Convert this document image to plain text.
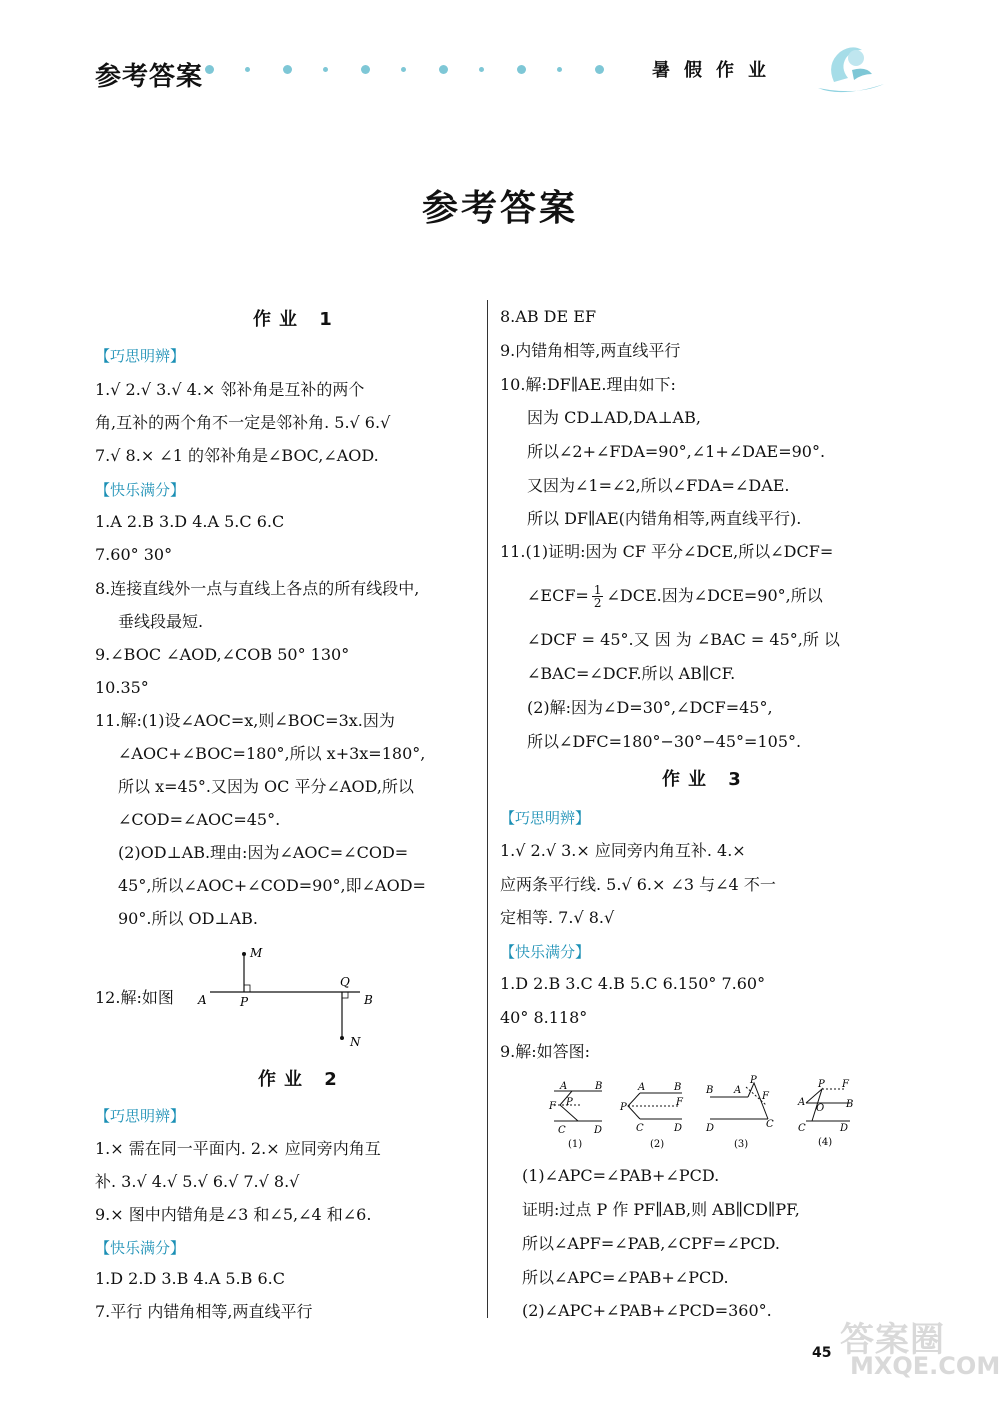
参考答案	暑假作业
参考答案
作业 1
【巧思明辨】
1.√ 2.√ 3.√ 4.× 邻补角是互补的两个
角,互补的两个角不一定是邻补角. 5.√ 6.√
7.√ 8.× ∠1 的邻补角是∠BOC,∠AOD.
【快乐满分】
1.A 2.B 3.D 4.A 5.C 6.C
7.60° 30°
8.连接直线外一点与直线上各点的所有线段中,
垂线段最短.
9.∠BOC ∠AOD,∠COB 50° 130°
10.35°
11.解:(1)设∠AOC=x,则∠BOC=3x.因为
∠AOC+∠BOC=180°,所以 x+3x=180°,
所以 x=45°.又因为 OC 平分∠AOD,所以
∠COD=∠AOC=45°.
(2)OD⊥AB.理由:因为∠AOC=∠COD=
45°,所以∠AOC+∠COD=90°,即∠AOD=
90°.所以 OD⊥AB.
12.解:如图 A	B
P
Q
M
N
作业 2
【巧思明辨】
1.× 需在同一平面内. 2.× 应同旁内角互
补. 3.√ 4.√ 5.√ 6.√ 7.√ 8.√
9.× 图中内错角是∠3 和∠5,∠4 和∠6.
【快乐满分】
1.D 2.D 3.B 4.A 5.B 6.C
7.平行 内错角相等,两直线平行
8.AB DE EF
9.内错角相等,两直线平行
10.解:DF∥AE.理由如下:
因为 CD⊥AD,DA⊥AB,
所以∠2+∠FDA=90°,∠1+∠DAE=90°.
又因为∠1=∠2,所以∠FDA=∠DAE.
所以 DF∥AE(内错角相等,两直线平行).
11.(1)证明:因为 CF 平分∠DCE,所以∠DCF=
∠ECF= $\frac{1}{2}$ ∠DCE.因为∠DCE=90°,所以
∠DCF = 45°.又 因 为 ∠BAC = 45°,所 以
∠BAC=∠DCF.所以 AB∥CF.
(2)解:因为∠D=30°,∠DCF=45°,
所以∠DFC=180°−30°−45°=105°.
作业 3
【巧思明辨】
1.√ 2.√ 3.× 应同旁内角互补. 4.×
应两条平行线. 5.√ 6.× ∠3 与∠4 不一
定相等. 7.√ 8.√
【快乐满分】
1.D 2.B 3.C 4.B 5.C 6.150° 7.60°
40° 8.118°
9.解:如答图:
A	B
F P
C	D
(1)
A	B
P	F
C	D
(2)
B A
P
F
D	C
(3)
A
P F
O B
C	D
(4)
(1)∠APC=∠PAB+∠PCD.
证明:过点 P 作 PF∥AB,则 AB∥CD∥PF,
所以∠APF=∠PAB,∠CPF=∠PCD.
所以∠APC=∠PAB+∠PCD.
(2)∠APC+∠PAB+∠PCD=360°.
45 答案圈
MXQE.COM
